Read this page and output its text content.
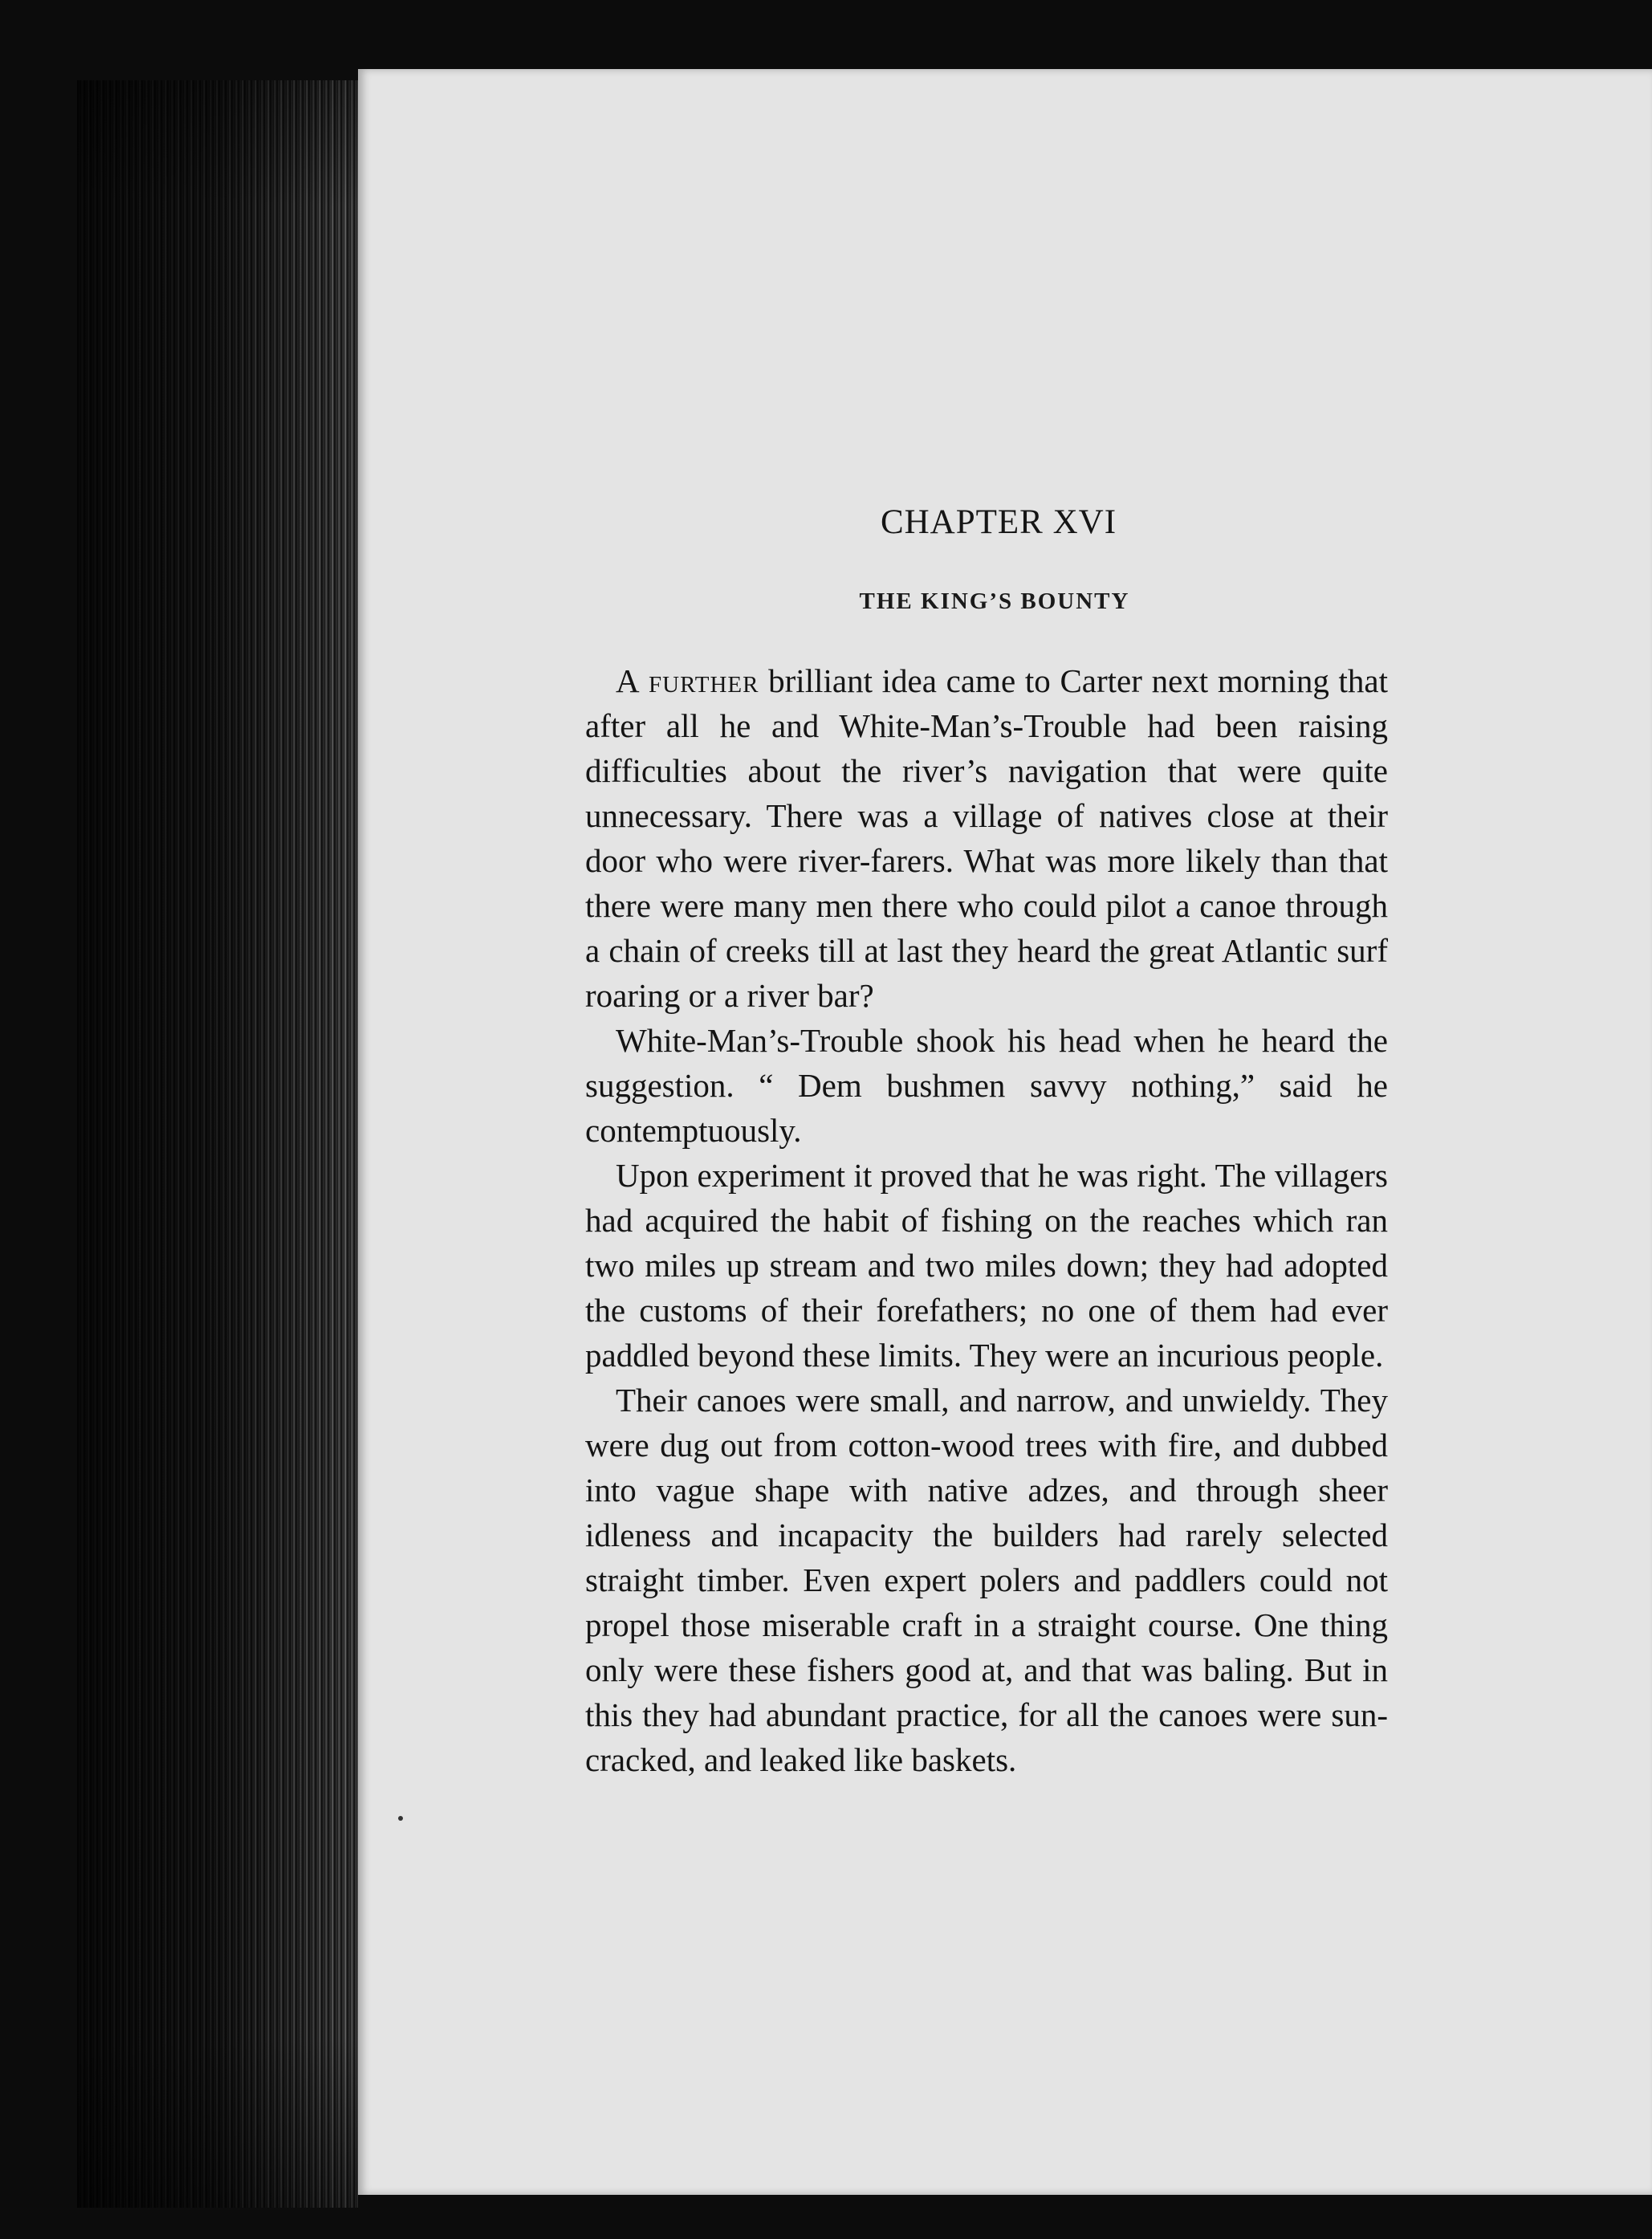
CHAPTER XVI
THE KING’S BOUNTY

A further brilliant idea came to Carter next morning that after all he and White-Man’s-Trouble had been raising difficulties about the river’s navigation that were quite unnecessary. There was a village of natives close at their door who were river-farers. What was more likely than that there were many men there who could pilot a canoe through a chain of creeks till at last they heard the great Atlantic surf roaring or a river bar?

White-Man’s-Trouble shook his head when he heard the suggestion. “ Dem bushmen savvy nothing,” said he contemptuously.

Upon experiment it proved that he was right. The villagers had acquired the habit of fishing on the reaches which ran two miles up stream and two miles down; they had adopted the customs of their forefathers; no one of them had ever paddled beyond these limits. They were an incurious people.

Their canoes were small, and narrow, and unwieldy. They were dug out from cotton-wood trees with fire, and dubbed into vague shape with native adzes, and through sheer idleness and incapacity the builders had rarely selected straight timber. Even expert polers and paddlers could not propel those miserable craft in a straight course. One thing only were these fishers good at, and that was baling. But in this they had abundant practice, for all the canoes were sun-cracked, and leaked like baskets.
